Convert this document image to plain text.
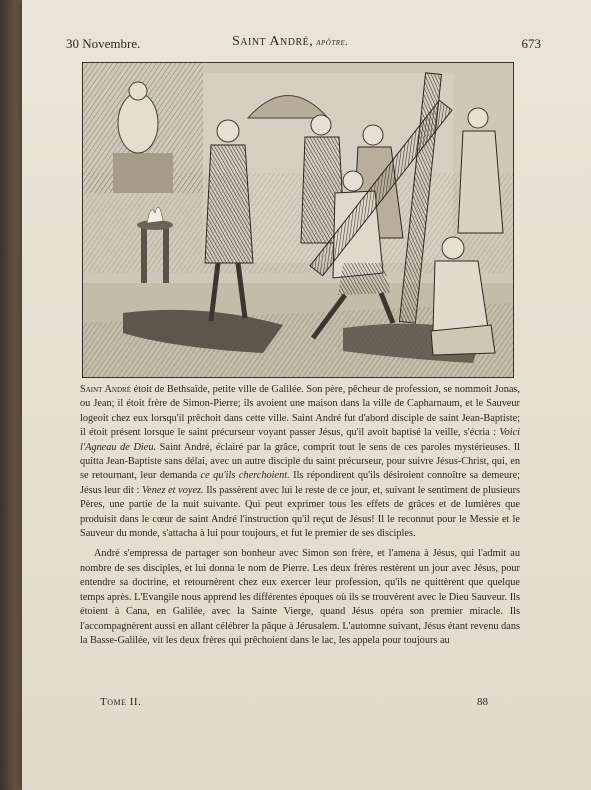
30 Novembre.	Saint André, apôtre.	673

Saint André étoit de Bethsaïde, petite ville de Galilée. Son père, pêcheur de profession, se nommoit Jonas, ou Jean; il étoit frère de Simon-Pierre; ils avoient une maison dans la ville de Capharnaum, et le Sauveur logeoit chez eux lorsqu'il prêchoit dans cette ville. Saint André fut d'abord disciple de saint Jean-Baptiste; il étoit présent lorsque le saint précurseur voyant passer Jésus, qu'il avoit baptisé la veille, s'écria : Voici l'Agneau de Dieu. Saint André, éclairé par la grâce, comprit tout le sens de ces paroles mystérieuses. Il quitta Jean-Baptiste sans délai, avec un autre disciple du saint précurseur, pour suivre Jésus-Christ, qui, en se retournant, leur demanda ce qu'ils cherchoient. Ils répondirent qu'ils désiroient connoître sa demeure; Jésus leur dit : Venez et voyez. Ils passèrent avec lui le reste de ce jour, et, suivant le sentiment de plusieurs Pères, une partie de la nuit suivante. Qui peut exprimer tous les effets de grâces et de lumières que produisit dans le cœur de saint André l'instruction qu'il reçut de Jésus! Il le reconnut pour le Messie et le Sauveur du monde, s'attacha à lui pour toujours, et fut le premier de ses disciples.

André s'empressa de partager son bonheur avec Simon son frère, et l'amena à Jésus, qui l'admit au nombre de ses disciples, et lui donna le nom de Pierre. Les deux frères restèrent un jour avec Jésus, pour entendre sa doctrine, et retournèrent chez eux exercer leur profession, qu'ils ne quittèrent que quelque temps après. L'Evangile nous apprend les différentes époques où ils se trouvèrent avec le Dieu Sauveur. Ils étoient à Cana, en Galilée, avec la Sainte Vierge, quand Jésus opéra son premier miracle. Ils l'accompagnèrent aussi en allant célébrer la pâque à Jérusalem. L'automne suivant, Jésus étant revenu dans la Basse-Galilée, vit les deux frères qui prêchoient dans le lac, les appela pour toujours au

Tome II.	88
